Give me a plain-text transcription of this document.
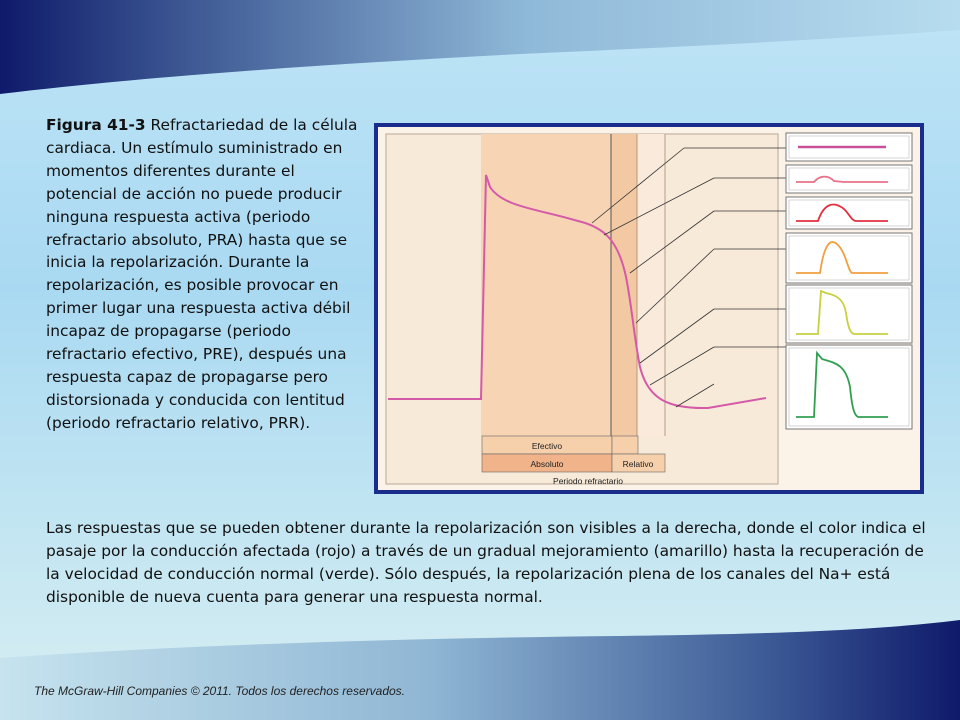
Figura 41-3 Refractariedad de la célula cardiaca. Un estímulo suministrado en momentos diferentes durante el potencial de acción no puede producir ninguna respuesta activa (periodo refractario absoluto, PRA) hasta que se inicia la repolarización. Durante la repolarización, es posible provocar en primer lugar una respuesta activa débil incapaz de propagarse (periodo refractario efectivo, PRE), después una respuesta capaz de propagarse pero distorsionada y conducida con lentitud (periodo refractario relativo, PRR).
Las respuestas que se pueden obtener durante la repolarización son visibles a la derecha, donde el color indica el pasaje por la conducción afectada (rojo) a través de un gradual mejoramiento (amarillo) hasta la recuperación de la velocidad de conducción normal (verde). Sólo después, la repolarización plena de los canales del Na+ está disponible de nueva cuenta para generar una respuesta normal.
Efectivo
Absoluto	Relativo
Periodo refractario
The McGraw-Hill Companies © 2011. Todos los derechos reservados.
